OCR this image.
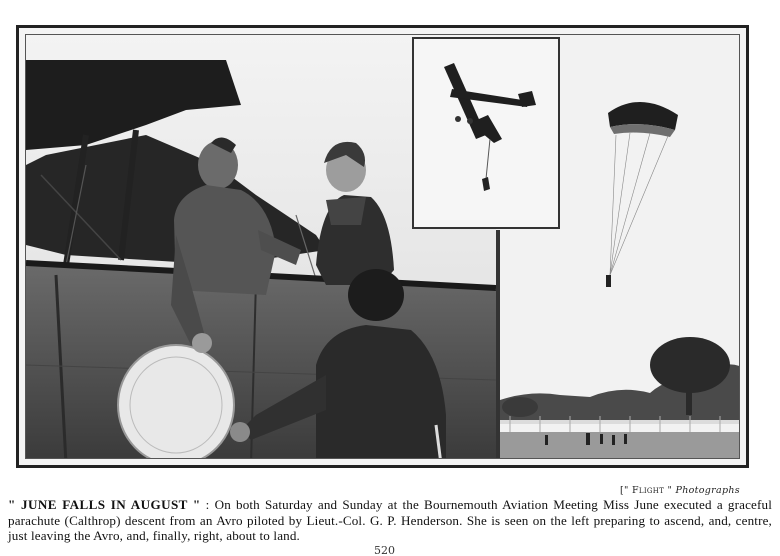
[" Flight " Photographs
" JUNE FALLS IN AUGUST " : On both Saturday and Sunday at the Bournemouth Aviation Meeting Miss June executed a graceful parachute (Calthrop) descent from an Avro piloted by Lieut.-Col. G. P. Henderson. She is seen on the left preparing to ascend, and, centre, just leaving the Avro, and, finally, right, about to land.
520
